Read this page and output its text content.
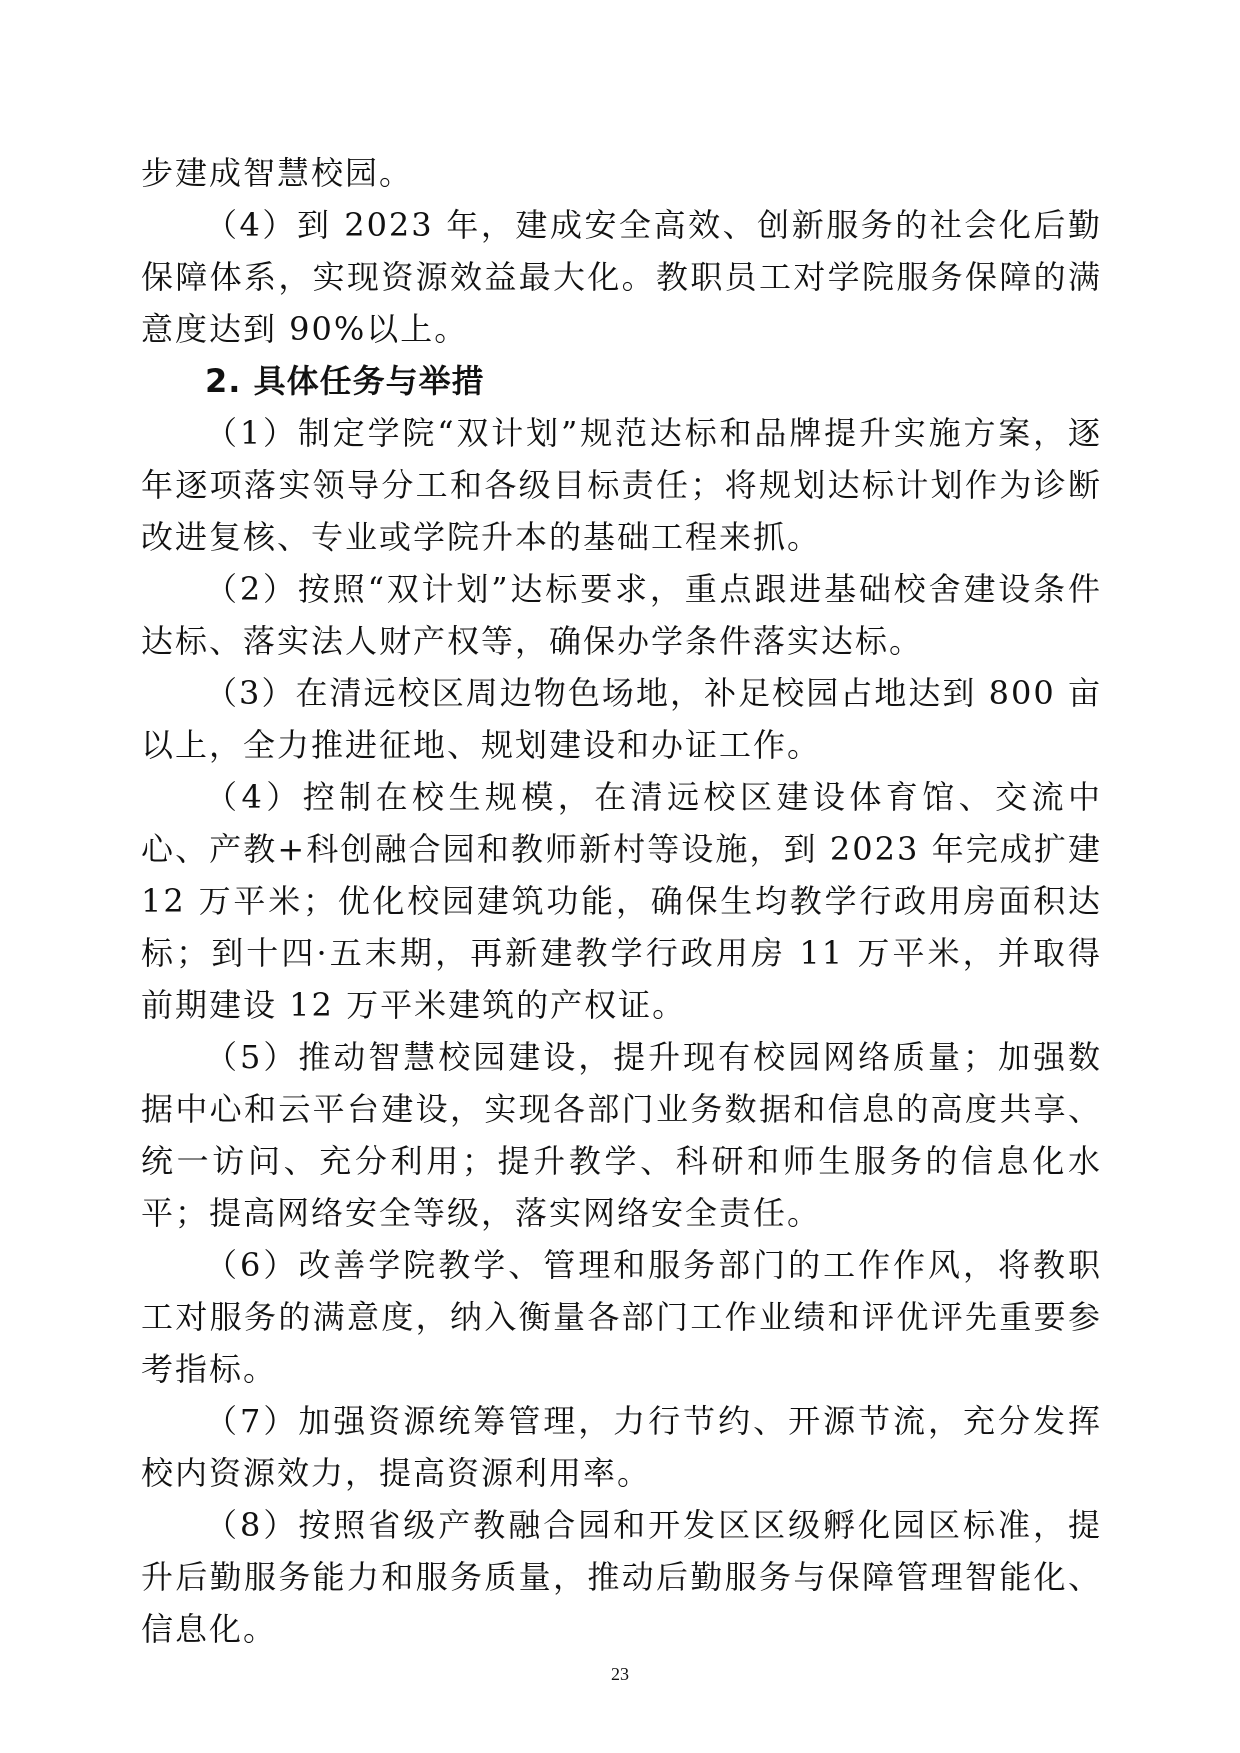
步建成智慧校园。

（4）到 2023 年，建成安全高效、创新服务的社会化后勤保障体系，实现资源效益最大化。教职员工对学院服务保障的满意度达到 90%以上。

2. 具体任务与举措

（1）制定学院“双计划”规范达标和品牌提升实施方案，逐年逐项落实领导分工和各级目标责任；将规划达标计划作为诊断改进复核、专业或学院升本的基础工程来抓。

（2）按照“双计划”达标要求，重点跟进基础校舍建设条件达标、落实法人财产权等，确保办学条件落实达标。

（3）在清远校区周边物色场地，补足校园占地达到 800 亩以上，全力推进征地、规划建设和办证工作。

（4）控制在校生规模，在清远校区建设体育馆、交流中心、产教+科创融合园和教师新村等设施，到 2023 年完成扩建 12 万平米；优化校园建筑功能，确保生均教学行政用房面积达标；到十四·五末期，再新建教学行政用房 11 万平米，并取得前期建设 12 万平米建筑的产权证。

（5）推动智慧校园建设，提升现有校园网络质量；加强数据中心和云平台建设，实现各部门业务数据和信息的高度共享、统一访问、充分利用；提升教学、科研和师生服务的信息化水平；提高网络安全等级，落实网络安全责任。

（6）改善学院教学、管理和服务部门的工作作风，将教职工对服务的满意度，纳入衡量各部门工作业绩和评优评先重要参考指标。

（7）加强资源统筹管理，力行节约、开源节流，充分发挥校内资源效力，提高资源利用率。

（8）按照省级产教融合园和开发区区级孵化园区标准，提升后勤服务能力和服务质量，推动后勤服务与保障管理智能化、信息化。

23
